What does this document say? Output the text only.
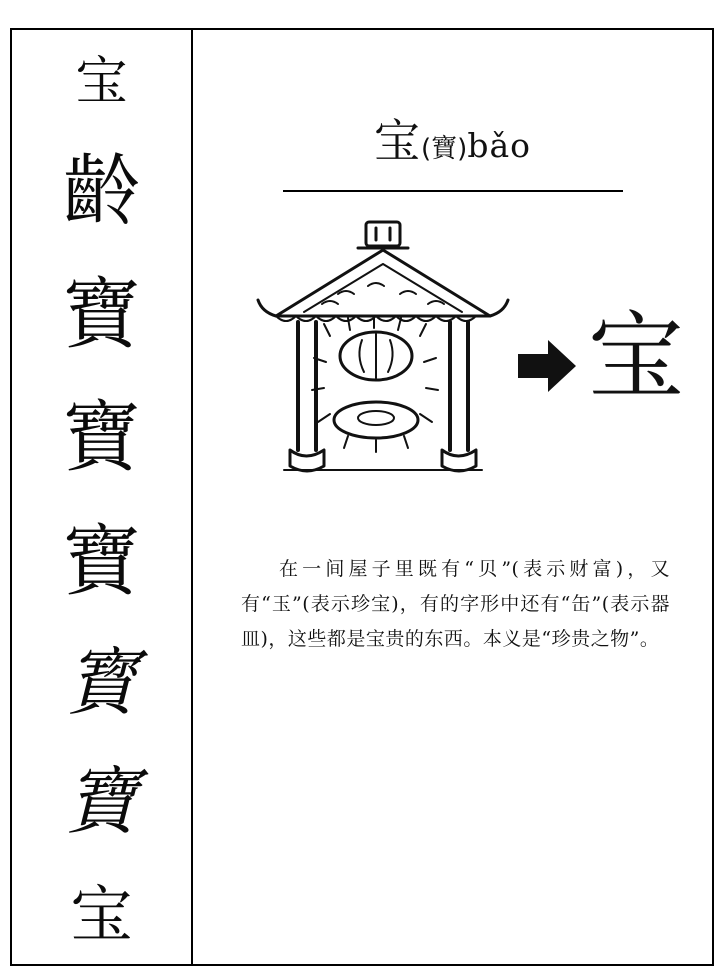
宝
齡
寶
寶
寶
寳
寶
宝
宝(寶)bǎo
宝

在一间屋子里既有“贝”(表示财富)，又有“玉”(表示珍宝)，有的字形中还有“缶”(表示器皿)，这些都是宝贵的东西。本义是“珍贵之物”。
